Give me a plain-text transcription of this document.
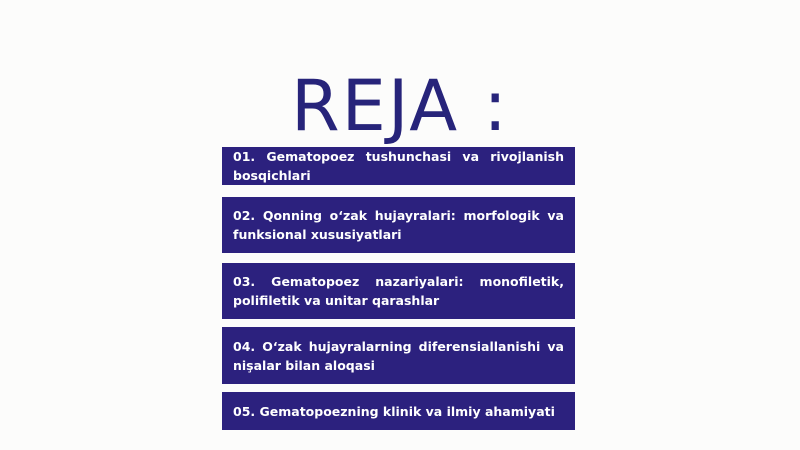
REJA :
01. Gematopoez tushunchasi va rivojlanish bosqichlari
02. Qonning o‘zak hujayralari: morfologik va funksional xususiyatlari
03. Gematopoez nazariyalari: monofiletik, polifiletik va unitar qarashlar
04. O‘zak hujayralarning diferensiallanishi va nişalar bilan aloqasi
05. Gematopoezning klinik va ilmiy ahamiyati
